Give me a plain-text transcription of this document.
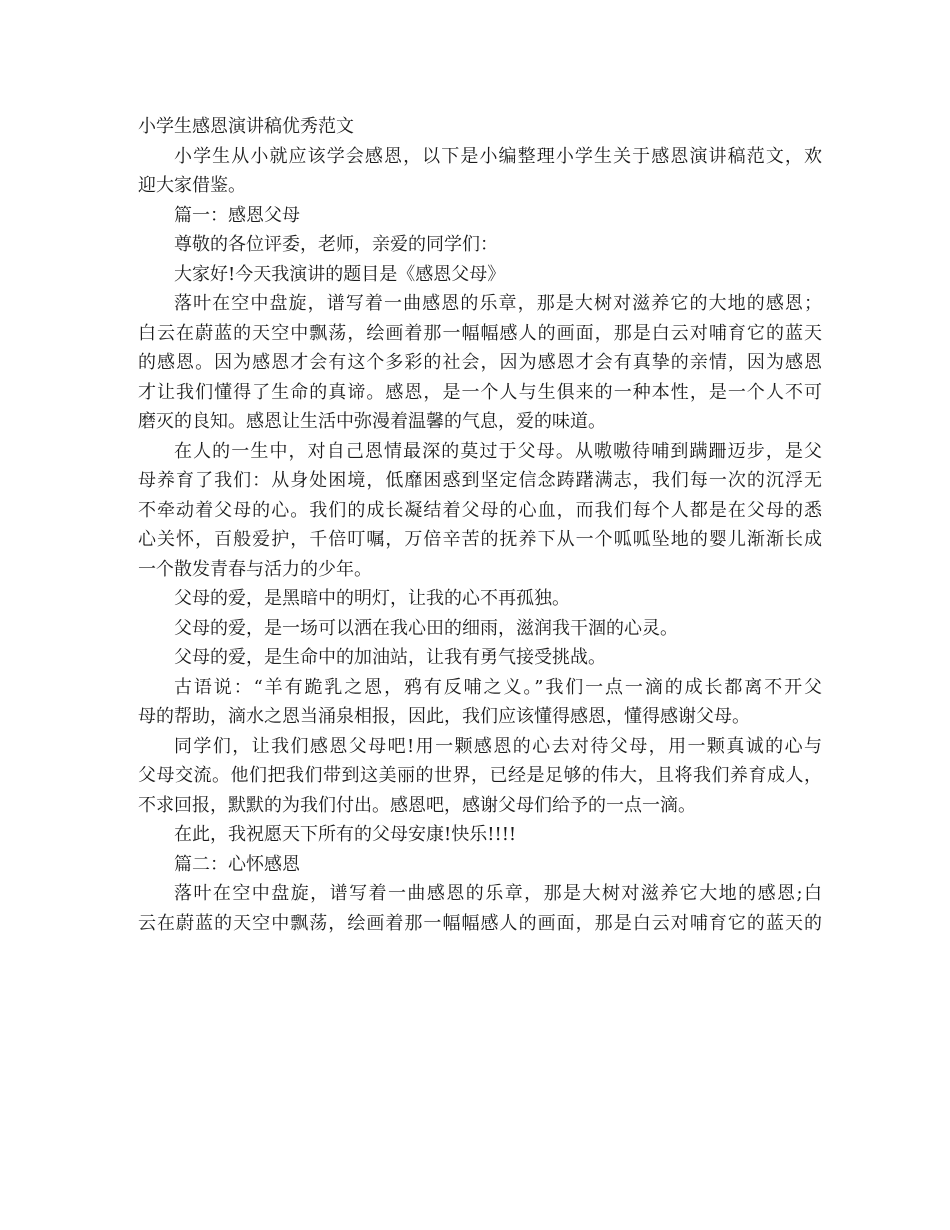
小学生感恩演讲稿优秀范文
小学生从小就应该学会感恩，以下是小编整理小学生关于感恩演讲稿范文，欢
迎大家借鉴。
篇一：感恩父母
尊敬的各位评委，老师，亲爱的同学们：
大家好!今天我演讲的题目是《感恩父母》
落叶在空中盘旋，谱写着一曲感恩的乐章，那是大树对滋养它的大地的感恩；
白云在蔚蓝的天空中飘荡，绘画着那一幅幅感人的画面，那是白云对哺育它的蓝天
的感恩。因为感恩才会有这个多彩的社会，因为感恩才会有真挚的亲情，因为感恩
才让我们懂得了生命的真谛。感恩，是一个人与生俱来的一种本性，是一个人不可
磨灭的良知。感恩让生活中弥漫着温馨的气息，爱的味道。
在人的一生中，对自己恩情最深的莫过于父母。从嗷嗷待哺到蹒跚迈步，是父
母养育了我们：从身处困境，低靡困惑到坚定信念踌躇满志，我们每一次的沉浮无
不牵动着父母的心。我们的成长凝结着父母的心血，而我们每个人都是在父母的悉
心关怀，百般爱护，千倍叮嘱，万倍辛苦的抚养下从一个呱呱坠地的婴儿渐渐长成
一个散发青春与活力的少年。
父母的爱，是黑暗中的明灯，让我的心不再孤独。
父母的爱，是一场可以洒在我心田的细雨，滋润我干涸的心灵。
父母的爱，是生命中的加油站，让我有勇气接受挑战。
古语说：“羊有跪乳之恩，鸦有反哺之义。”我们一点一滴的成长都离不开父
母的帮助，滴水之恩当涌泉相报，因此，我们应该懂得感恩，懂得感谢父母。
同学们，让我们感恩父母吧!用一颗感恩的心去对待父母，用一颗真诚的心与
父母交流。他们把我们带到这美丽的世界，已经是足够的伟大，且将我们养育成人，
不求回报，默默的为我们付出。感恩吧，感谢父母们给予的一点一滴。
在此，我祝愿天下所有的父母安康!快乐!!!!
篇二：心怀感恩
落叶在空中盘旋，谱写着一曲感恩的乐章，那是大树对滋养它大地的感恩;白
云在蔚蓝的天空中飘荡，绘画着那一幅幅感人的画面，那是白云对哺育它的蓝天的
